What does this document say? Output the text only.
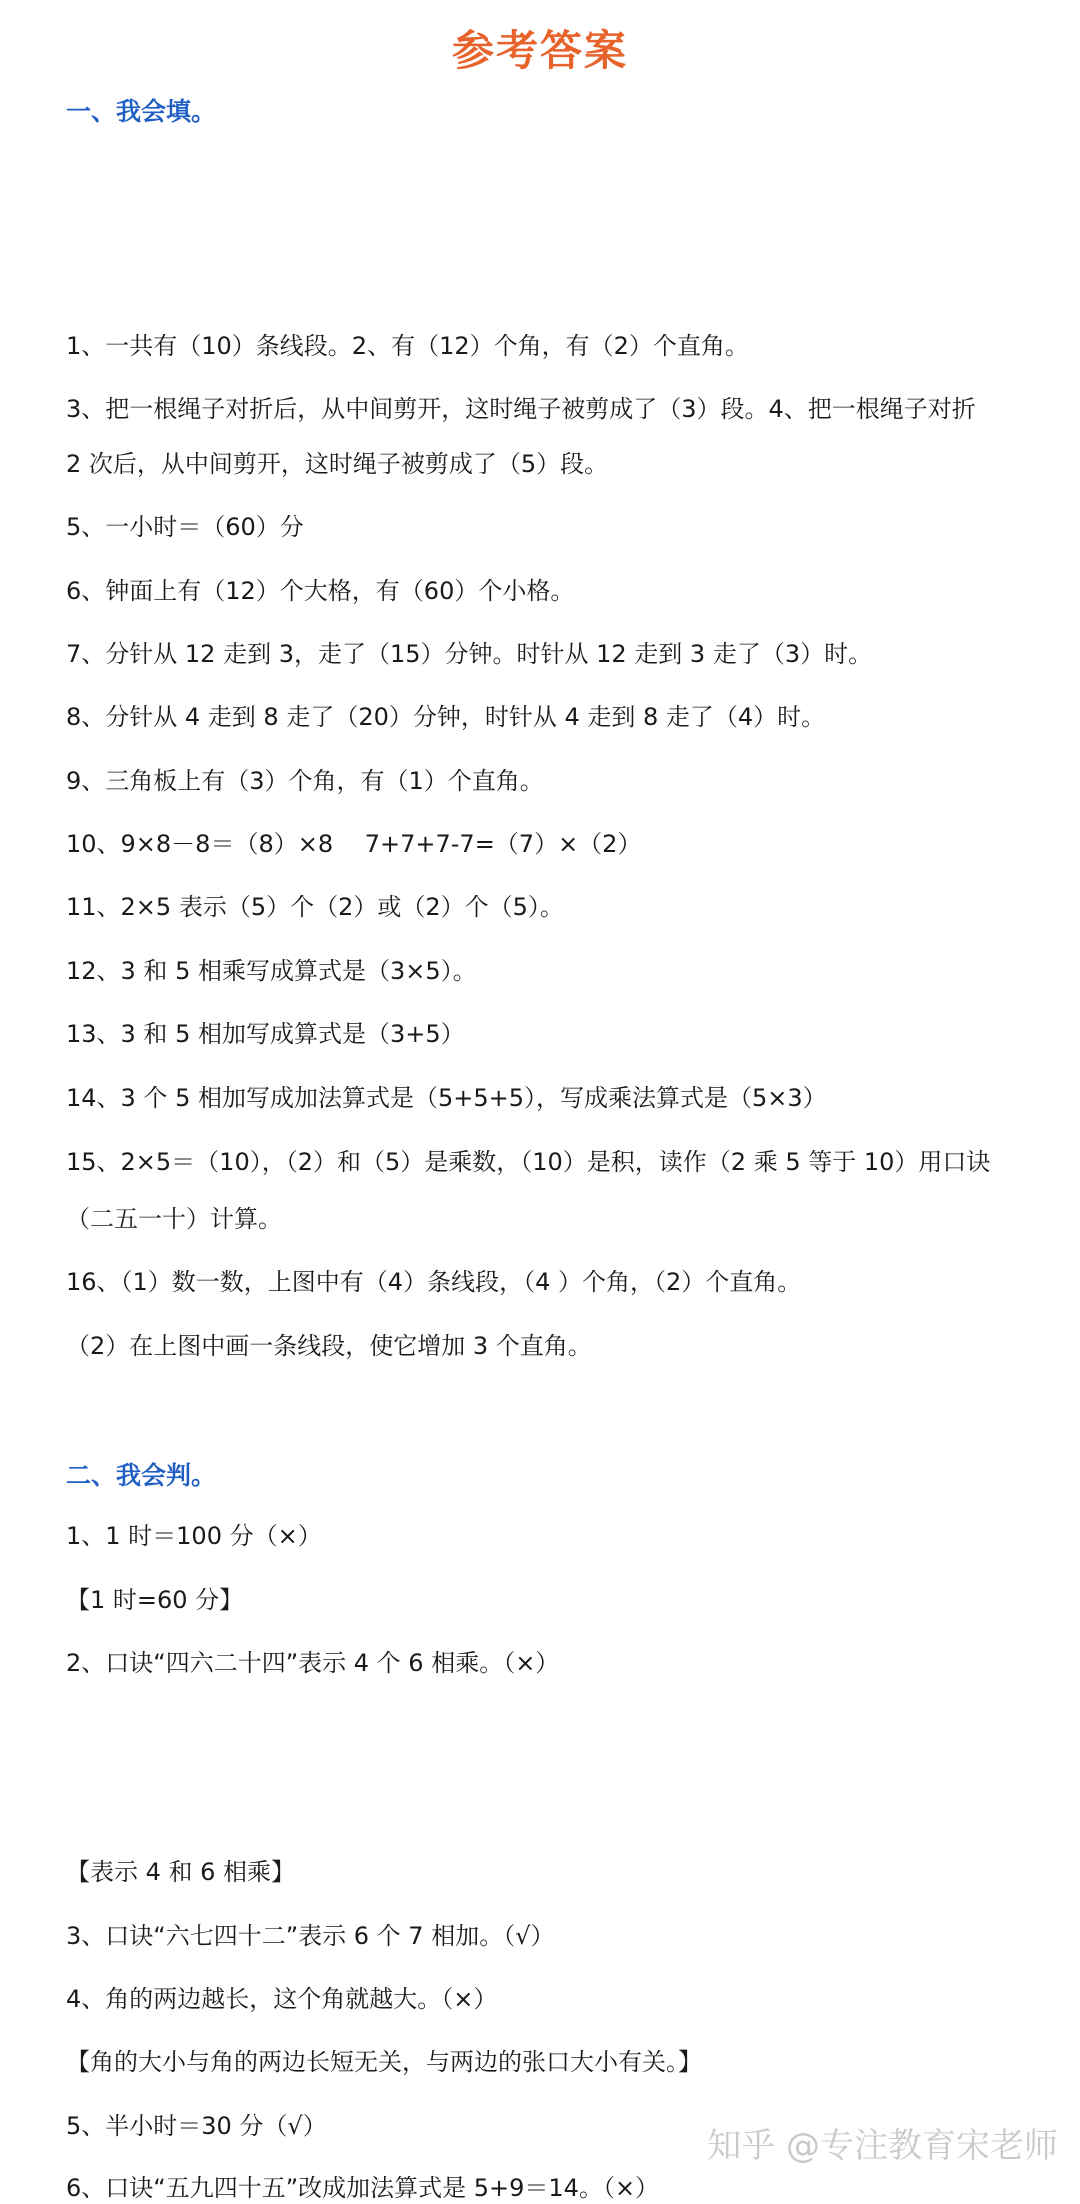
参考答案
一、我会填。
1、一共有（10）条线段。2、有（12）个角，有（2）个直角。
3、把一根绳子对折后，从中间剪开，这时绳子被剪成了（3）段。4、把一根绳子对折
2 次后，从中间剪开，这时绳子被剪成了（5）段。
5、一小时＝（60）分
6、钟面上有（12）个大格，有（60）个小格。
7、分针从 12 走到 3，走了（15）分钟。时针从 12 走到 3 走了（3）时。
8、分针从 4 走到 8 走了（20）分钟，时针从 4 走到 8 走了（4）时。
9、三角板上有（3）个角，有（1）个直角。
10、9×8－8＝（8）×8　 7+7+7-7=（7）×（2）
11、2×5 表示（5）个（2）或（2）个（5）。
12、3 和 5 相乘写成算式是（3×5）。
13、3 和 5 相加写成算式是（3+5）
14、3 个 5 相加写成加法算式是（5+5+5），写成乘法算式是（5×3）
15、2×5＝（10），（2）和（5）是乘数，（10）是积，读作（2 乘 5 等于 10）用口诀
（二五一十）计算。
16、（1）数一数，上图中有（4）条线段，（4 ）个角，（2）个直角。
（2）在上图中画一条线段，使它增加 3 个直角。
二、我会判。
1、1 时＝100 分（×）
【1 时=60 分】
2、口诀“四六二十四”表示 4 个 6 相乘。（×）
【表示 4 和 6 相乘】
3、口诀“六七四十二”表示 6 个 7 相加。（√）
4、角的两边越长，这个角就越大。（×）
【角的大小与角的两边长短无关，与两边的张口大小有关。】
5、半小时＝30 分（√）
6、口诀“五九四十五”改成加法算式是 5+9＝14。（×）
知乎 @专注教育宋老师
